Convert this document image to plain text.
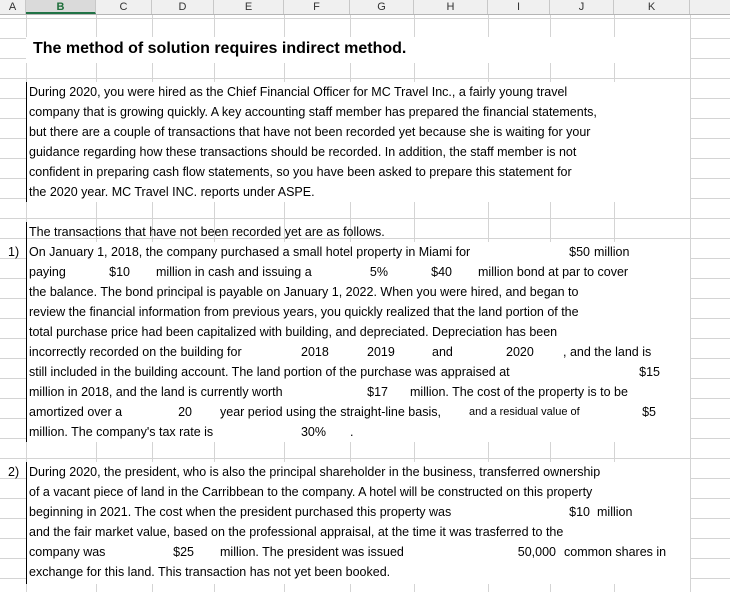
A	B	C	D	E	F	G	H	I	J	K
The method of solution requires indirect method.
During 2020, you were hired as the Chief Financial Officer for MC Travel Inc., a fairly young travel
company that is growing quickly. A key accounting staff member has prepared the financial statements,
but there are a couple of transactions that have not been recorded yet because she is waiting for your
guidance regarding how these transactions should be recorded. In addition, the staff member is not
confident in preparing cash flow statements, so you have been asked to prepare this statement for
the 2020 year. MC Travel INC. reports under ASPE.
The transactions that have not been recorded yet are as follows.
1) On January 1, 2018, the company purchased a small hotel property in Miami for	$50 million
paying	$10 million in cash and issuing a	5%	$40 million bond at par to cover
the balance. The bond principal is payable on January 1, 2022. When you were hired, and began to
review the financial information from previous years, you quickly realized that the land portion of the
total purchase price had been capitalized with building, and depreciated. Depreciation has been
incorrectly recorded on the building for	2018	2019	and	2020 , and the land is
still included in the building account. The land portion of the purchase was appraised at	$15
million in 2018, and the land is currently worth	$17 million. The cost of the property is to be
amortized over a	20 year period using the straight-line basis,	and a residual value of	$5
million. The company's tax rate is	30% .
2) During 2020, the president, who is also the principal shareholder in the business, transferred ownership
of a vacant piece of land in the Carribbean to the company. A hotel will be constructed on this property
beginning in 2021. The cost when the president purchased this property was	$10 million
and the fair market value, based on the professional appraisal, at the time it was trasferred to the
company was	$25 million. The president was issued	50,000 common shares in
exchange for this land. This transaction has not yet been booked.
